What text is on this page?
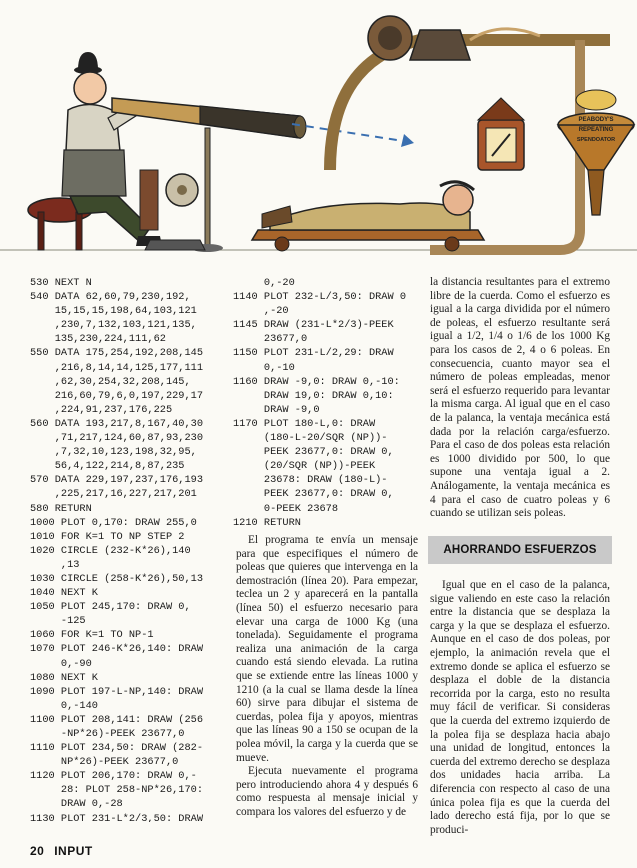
PEABODY'S
REPEATING
SPENDOATOR
530 NEXT N
540 DATA 62,60,79,230,192,
15,15,15,198,64,103,121
,230,7,132,103,121,135,
135,230,224,111,62
550 DATA 175,254,192,208,145
,216,8,14,14,125,177,111
,62,30,254,32,208,145,
216,60,79,6,0,197,229,17
,224,91,237,176,225
560 DATA 193,217,8,167,40,30
,71,217,124,60,87,93,230
,7,32,10,123,198,32,95,
56,4,122,214,8,87,235
570 DATA 229,197,237,176,193
,225,217,16,227,217,201
580 RETURN
1000 PLOT 0,170: DRAW 255,0
1010 FOR K=1 TO NP STEP 2
1020 CIRCLE (232-K*26),140
,13
1030 CIRCLE (258-K*26),50,13
1040 NEXT K
1050 PLOT 245,170: DRAW 0,
-125
1060 FOR K=1 TO NP-1
1070 PLOT 246-K*26,140: DRAW
0,-90
1080 NEXT K
1090 PLOT 197-L-NP,140: DRAW
0,-140
1100 PLOT 208,141: DRAW (256
-NP*26)-PEEK 23677,0
1110 PLOT 234,50: DRAW (282-
NP*26)-PEEK 23677,0
1120 PLOT 206,170: DRAW 0,-
28: PLOT 258-NP*26,170:
DRAW 0,-28
1130 PLOT 231-L*2/3,50: DRAW
0,-20
1140 PLOT 232-L/3,50: DRAW 0
,-20
1145 DRAW (231-L*2/3)-PEEK
23677,0
1150 PLOT 231-L/2,29: DRAW
0,-10
1160 DRAW -9,0: DRAW 0,-10:
DRAW 19,0: DRAW 0,10:
DRAW -9,0
1170 PLOT 180-L,0: DRAW
(180-L-20/SQR (NP))-
PEEK 23677,0: DRAW 0,
(20/SQR (NP))-PEEK
23678: DRAW (180-L)-
PEEK 23677,0: DRAW 0,
0-PEEK 23678
1210 RETURN

El programa te envía un mensaje para que especifiques el número de poleas que quieres que intervenga en la demostración (línea 20). Para empezar, teclea un 2 y aparecerá en la pantalla (línea 50) el esfuerzo necesario para elevar una carga de 1000 Kg (una tonelada). Seguidamente el programa realiza una animación de la carga cuando está siendo elevada. La rutina que se extiende entre las líneas 1000 y 1210 (a la cual se llama desde la línea 60) sirve para dibujar el sistema de cuerdas, polea fija y apoyos, mientras que las líneas 90 a 150 se ocupan de la polea móvil, la carga y la cuerda que se mueve.

Ejecuta nuevamente el programa pero introduciendo ahora 4 y después 6 como respuesta al mensaje inicial y compara los valores del esfuerzo y de

la distancia resultantes para el extremo libre de la cuerda. Como el esfuerzo es igual a la carga dividida por el número de poleas, el esfuerzo resultante será igual a 1/2, 1/4 o 1/6 de los 1000 Kg para los casos de 2, 4 o 6 poleas. En consecuencia, cuanto mayor sea el número de poleas empleadas, menor será el esfuerzo requerido para levantar la misma carga. Al igual que en el caso de la palanca, la ventaja mecánica está dada por la relación carga/esfuerzo. Para el caso de dos poleas esta relación es 1000 dividido por 500, lo que supone una ventaja igual a 2. Análogamente, la ventaja mecánica es 4 para el caso de cuatro poleas y 6 cuando se utilizan seis poleas.

AHORRANDO ESFUERZOS

Igual que en el caso de la palanca, sigue valiendo en este caso la relación entre la distancia que se desplaza la carga y la que se desplaza el esfuerzo. Aunque en el caso de dos poleas, por ejemplo, la animación revela que el extremo donde se aplica el esfuerzo se desplaza el doble de la distancia recorrida por la carga, esto no resulta muy fácil de verificar. Si consideras que la cuerda del extremo izquierdo de la polea fija se desplaza hacia abajo una unidad de longitud, entonces la cuerda del extremo derecho se desplaza dos unidades hacia arriba. La diferencia con respecto al caso de una única polea fija es que la cuerda del lado derecho está fija, por lo que se produci-

20 INPUT
